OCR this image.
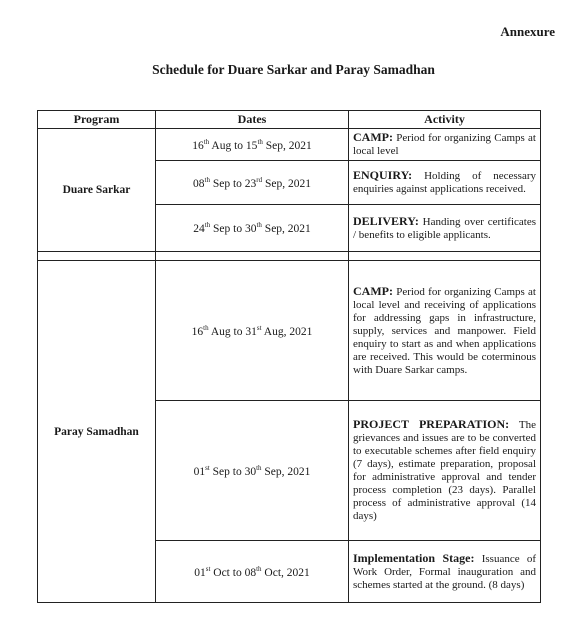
Annexure
Schedule for Duare Sarkar and Paray Samadhan
Program	Dates	Activity
Duare Sarkar	16th Aug to 15th Sep, 2021	CAMP: Period for organizing Camps at local level
	08th Sep to 23rd Sep, 2021	ENQUIRY: Holding of necessary enquiries against applications received.
	24th Sep to 30th Sep, 2021	DELIVERY: Handing over certificates / benefits to eligible applicants.

Paray Samadhan	16th Aug to 31st Aug, 2021	CAMP: Period for organizing Camps at local level and receiving of applications for addressing gaps in infrastructure, supply, services and manpower. Field enquiry to start as and when applications are received. This would be coterminous with Duare Sarkar camps.
	01st Sep to 30th Sep, 2021	PROJECT PREPARATION: The grievances and issues are to be converted to executable schemes after field enquiry (7 days), estimate preparation, proposal for administrative approval and tender process completion (23 days). Parallel process of administrative approval (14 days)
	01st Oct to 08th Oct, 2021	Implementation Stage: Issuance of Work Order, Formal inauguration and schemes started at the ground. (8 days)
